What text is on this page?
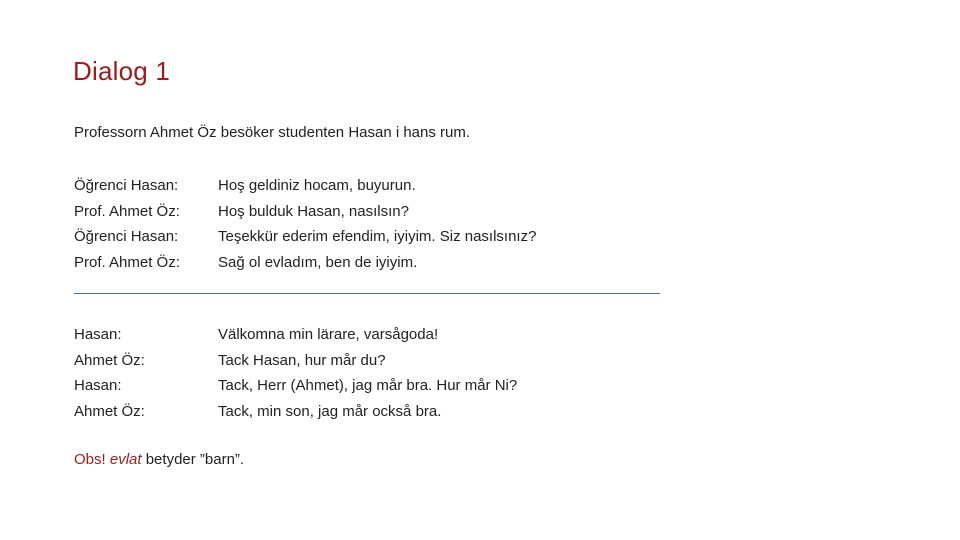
Dialog 1
Professorn Ahmet Öz besöker studenten Hasan i hans rum.
Öğrenci Hasan:	Hoş geldiniz hocam, buyurun.
Prof. Ahmet Öz:	Hoş bulduk Hasan, nasılsın?
Öğrenci Hasan:	Teşekkür ederim efendim, iyiyim. Siz nasılsınız?
Prof. Ahmet Öz:	Sağ ol evladım, ben de iyiyim.
Hasan:	Välkomna min lärare, varsågoda!
Ahmet Öz:	Tack Hasan, hur mår du?
Hasan:	Tack, Herr (Ahmet), jag mår bra. Hur mår Ni?
Ahmet Öz:	Tack, min son, jag mår också bra.
Obs! evlat betyder ”barn”.
